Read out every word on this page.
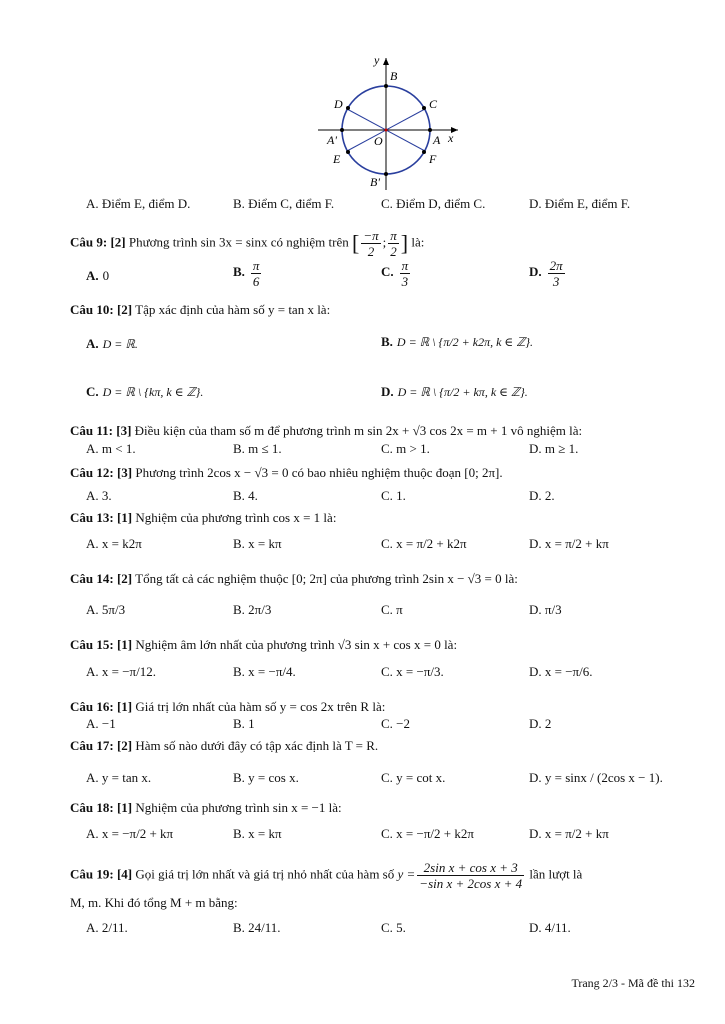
y
x
B
C
D
A
A'	O
E	F
B'
A. Điểm E, điểm D.	B. Điểm C, điểm F.	C. Điểm D, điểm C.	D. Điểm E, điểm F.
Câu 9: [2] Phương trình sin 3x = sinx có nghiệm trên [ $\frac{-\pi}{2}$ ; $\frac{\pi}{2}$ ] là:
A. 0	B. $\frac{\pi}{6}$	C. $\frac{\pi}{3}$	D. $\frac{2\pi}{3}$
Câu 10: [2] Tập xác định của hàm số y = tan x là:
A. D = ℝ.	B. D = ℝ \ {π/2 + k2π, k ∈ ℤ}.
C. D = ℝ \ {kπ, k ∈ ℤ}.	D. D = ℝ \ {π/2 + kπ, k ∈ ℤ}.
Câu 11: [3] Điều kiện của tham số m để phương trình m sin 2x + √3 cos 2x = m + 1 vô nghiệm là:
A. m < 1.	B. m ≤ 1.	C. m > 1.	D. m ≥ 1.
Câu 12: [3] Phương trình 2cos x − √3 = 0 có bao nhiêu nghiệm thuộc đoạn [0; 2π].
A. 3.	B. 4.	C. 1.	D. 2.
Câu 13: [1] Nghiệm của phương trình cos x = 1 là:
A. x = k2π	B. x = kπ	C. x = π/2 + k2π	D. x = π/2 + kπ
Câu 14: [2] Tổng tất cả các nghiệm thuộc [0; 2π] của phương trình 2sin x − √3 = 0 là:
A. 5π/3	B. 2π/3	C. π	D. π/3
Câu 15: [1] Nghiệm âm lớn nhất của phương trình √3 sin x + cos x = 0 là:
A. x = −π/12.	B. x = −π/4.	C. x = −π/3.	D. x = −π/6.
Câu 16: [1] Giá trị lớn nhất của hàm số y = cos 2x trên R là:
A. −1	B. 1	C. −2	D. 2
Câu 17: [2] Hàm số nào dưới đây có tập xác định là T = R.
A. y = tan x.	B. y = cos x.	C. y = cot x.	D. y = sinx / (2cos x − 1).
Câu 18: [1] Nghiệm của phương trình sin x = −1 là:
A. x = −π/2 + kπ	B. x = kπ	C. x = −π/2 + k2π	D. x = π/2 + kπ
Câu 19: [4] Gọi giá trị lớn nhất và giá trị nhỏ nhất của hàm số $y = \frac{\text{2sin x + cos x + 3}}{\text{−sin x + 2cos x + 4}}$ lần lượt là
M, m. Khi đó tổng M + m bằng:
A. 2/11.	B. 24/11.	C. 5.	D. 4/11.
Trang 2/3 - Mã đề thi 132
